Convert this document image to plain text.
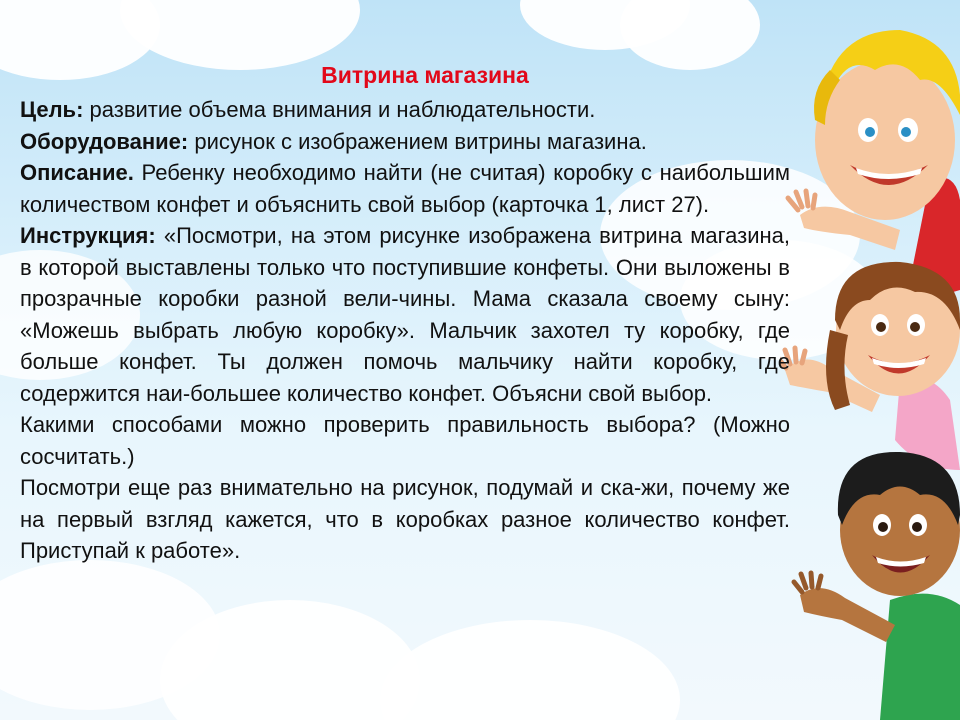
Витрина магазина

Цель: развитие объема внимания и наблюдательности.

Оборудование: рисунок с изображением витрины магазина.

Описание. Ребенку необходимо найти (не считая) коробку с наибольшим количеством конфет и объяснить свой выбор (карточка 1, лист 27).

Инструкция: «Посмотри, на этом рисунке изображена витрина магазина, в которой выставлены только что поступившие конфеты. Они выложены в прозрачные коробки разной вели-чины. Мама сказала своему сыну: «Можешь выбрать любую коробку». Мальчик захотел ту коробку, где больше конфет. Ты должен помочь мальчику найти коробку, где содержится наи-большее количество конфет. Объясни свой выбор.

Какими способами можно проверить правильность выбора? (Можно сосчитать.)

Посмотри еще раз внимательно на рисунок, подумай и ска-жи, почему же на первый взгляд кажется, что в коробках разное количество конфет. Приступай к работе».
